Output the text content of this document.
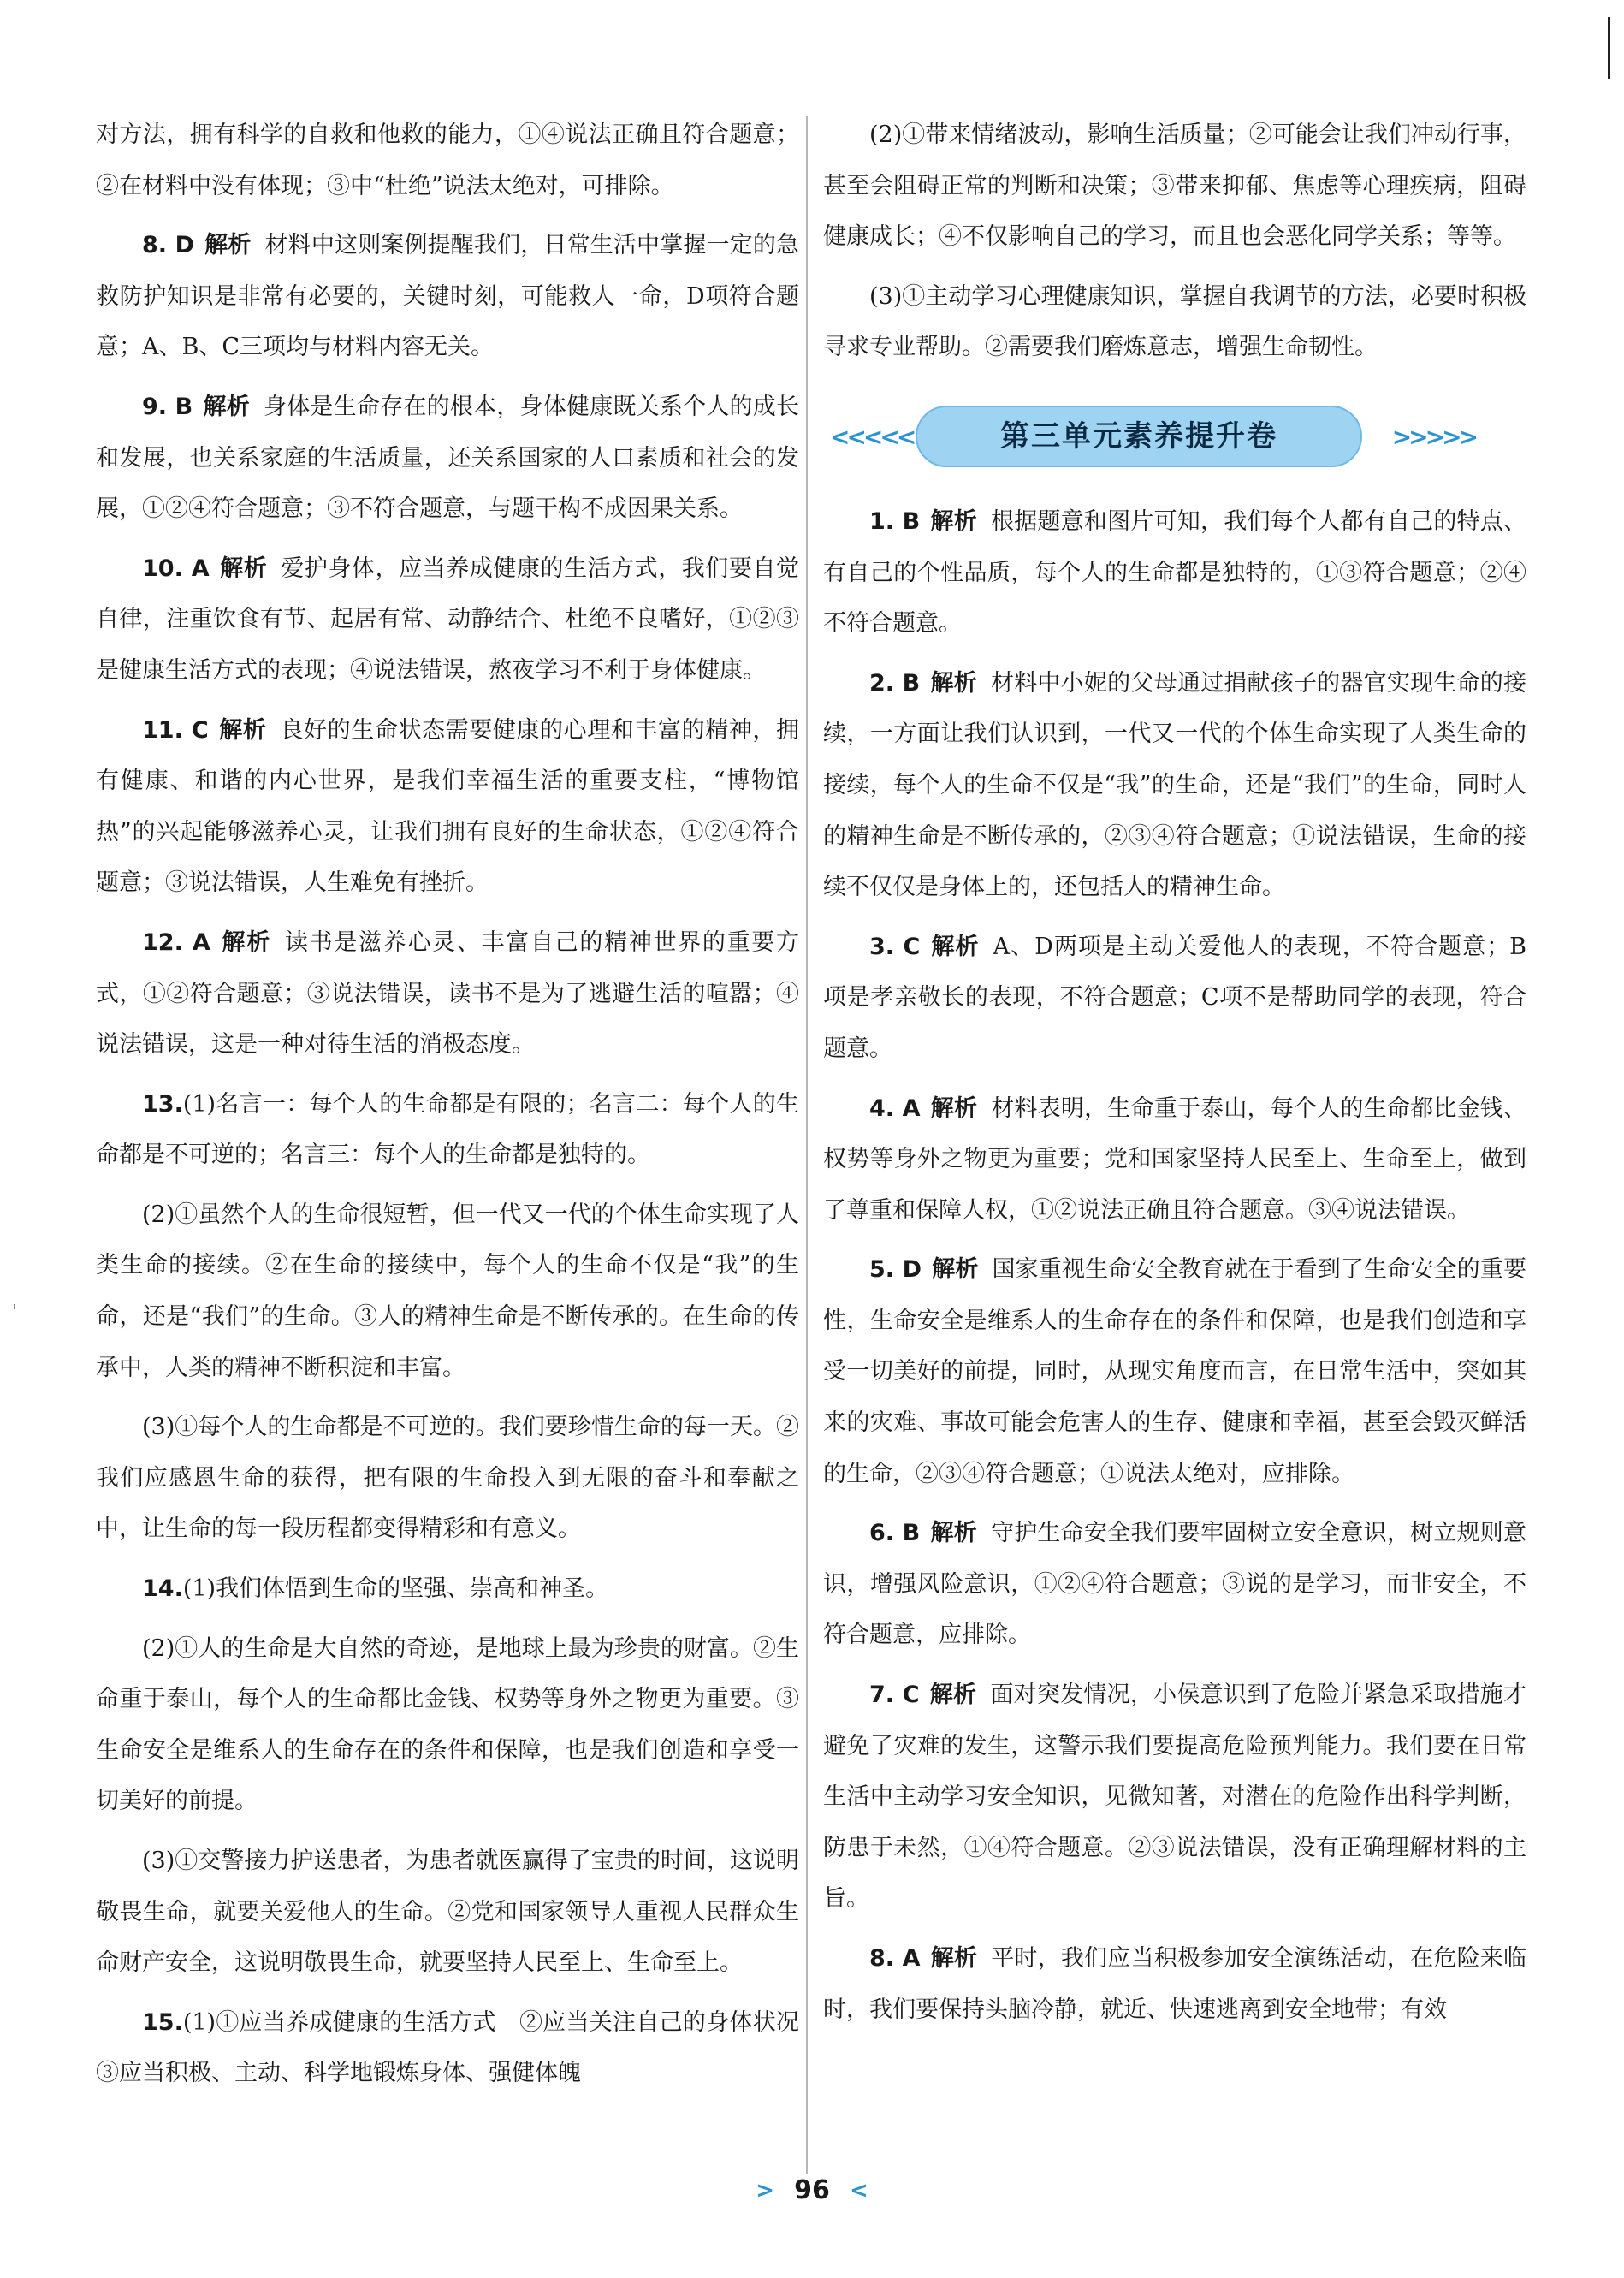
对方法，拥有科学的自救和他救的能力，①④说法正确且符合题意；②在材料中没有体现；③中“杜绝”说法太绝对，可排除。

8. D 解析 材料中这则案例提醒我们，日常生活中掌握一定的急救防护知识是非常有必要的，关键时刻，可能救人一命，D项符合题意；A、B、C三项均与材料内容无关。

9. B 解析 身体是生命存在的根本，身体健康既关系个人的成长和发展，也关系家庭的生活质量，还关系国家的人口素质和社会的发展，①②④符合题意；③不符合题意，与题干构不成因果关系。

10. A 解析 爱护身体，应当养成健康的生活方式，我们要自觉自律，注重饮食有节、起居有常、动静结合、杜绝不良嗜好，①②③是健康生活方式的表现；④说法错误，熬夜学习不利于身体健康。

11. C 解析 良好的生命状态需要健康的心理和丰富的精神，拥有健康、和谐的内心世界，是我们幸福生活的重要支柱，“博物馆热”的兴起能够滋养心灵，让我们拥有良好的生命状态，①②④符合题意；③说法错误，人生难免有挫折。

12. A 解析 读书是滋养心灵、丰富自己的精神世界的重要方式，①②符合题意；③说法错误，读书不是为了逃避生活的喧嚣；④说法错误，这是一种对待生活的消极态度。

13.(1)名言一：每个人的生命都是有限的；名言二：每个人的生命都是不可逆的；名言三：每个人的生命都是独特的。

(2)①虽然个人的生命很短暂，但一代又一代的个体生命实现了人类生命的接续。②在生命的接续中，每个人的生命不仅是“我”的生命，还是“我们”的生命。③人的精神生命是不断传承的。在生命的传承中，人类的精神不断积淀和丰富。

(3)①每个人的生命都是不可逆的。我们要珍惜生命的每一天。②我们应感恩生命的获得，把有限的生命投入到无限的奋斗和奉献之中，让生命的每一段历程都变得精彩和有意义。

14.(1)我们体悟到生命的坚强、崇高和神圣。

(2)①人的生命是大自然的奇迹，是地球上最为珍贵的财富。②生命重于泰山，每个人的生命都比金钱、权势等身外之物更为重要。③生命安全是维系人的生命存在的条件和保障，也是我们创造和享受一切美好的前提。

(3)①交警接力护送患者，为患者就医赢得了宝贵的时间，这说明敬畏生命，就要关爱他人的生命。②党和国家领导人重视人民群众生命财产安全，这说明敬畏生命，就要坚持人民至上、生命至上。

15.(1)①应当养成健康的生活方式　②应当关注自己的身体状况　③应当积极、主动、科学地锻炼身体、强健体魄

(2)①带来情绪波动，影响生活质量；②可能会让我们冲动行事，甚至会阻碍正常的判断和决策；③带来抑郁、焦虑等心理疾病，阻碍健康成长；④不仅影响自己的学习，而且也会恶化同学关系；等等。

(3)①主动学习心理健康知识，掌握自我调节的方法，必要时积极寻求专业帮助。②需要我们磨炼意志，增强生命韧性。

<<<<<	第三单元素养提升卷	>>>>>

1. B 解析 根据题意和图片可知，我们每个人都有自己的特点、有自己的个性品质，每个人的生命都是独特的，①③符合题意；②④不符合题意。

2. B 解析 材料中小妮的父母通过捐献孩子的器官实现生命的接续，一方面让我们认识到，一代又一代的个体生命实现了人类生命的接续，每个人的生命不仅是“我”的生命，还是“我们”的生命，同时人的精神生命是不断传承的，②③④符合题意；①说法错误，生命的接续不仅仅是身体上的，还包括人的精神生命。

3. C 解析 A、D两项是主动关爱他人的表现，不符合题意；B项是孝亲敬长的表现，不符合题意；C项不是帮助同学的表现，符合题意。

4. A 解析 材料表明，生命重于泰山，每个人的生命都比金钱、权势等身外之物更为重要；党和国家坚持人民至上、生命至上，做到了尊重和保障人权，①②说法正确且符合题意。③④说法错误。

5. D 解析 国家重视生命安全教育就在于看到了生命安全的重要性，生命安全是维系人的生命存在的条件和保障，也是我们创造和享受一切美好的前提，同时，从现实角度而言，在日常生活中，突如其来的灾难、事故可能会危害人的生存、健康和幸福，甚至会毁灭鲜活的生命，②③④符合题意；①说法太绝对，应排除。

6. B 解析 守护生命安全我们要牢固树立安全意识，树立规则意识，增强风险意识，①②④符合题意；③说的是学习，而非安全，不符合题意，应排除。

7. C 解析 面对突发情况，小侯意识到了危险并紧急采取措施才避免了灾难的发生，这警示我们要提高危险预判能力。我们要在日常生活中主动学习安全知识，见微知著，对潜在的危险作出科学判断，防患于未然，①④符合题意。②③说法错误，没有正确理解材料的主旨。

8. A 解析 平时，我们应当积极参加安全演练活动，在危险来临时，我们要保持头脑冷静，就近、快速逃离到安全地带；有效

> 96 <
